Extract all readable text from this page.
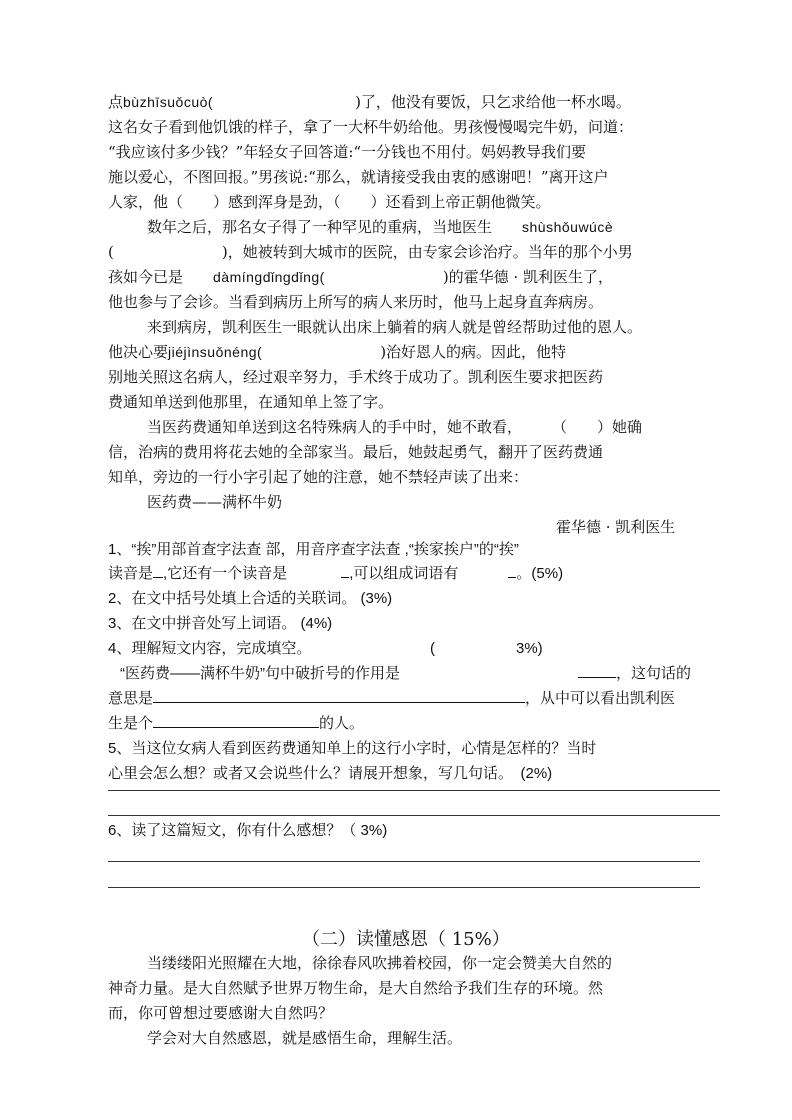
点bùzhīsuǒcuò(	)了，他没有要饭，只乞求给他一杯水喝。
这名女子看到他饥饿的样子，拿了一大杯牛奶给他。男孩慢慢喝完牛奶，问道：
“我应该付多少钱？”年轻女子回答道:“一分钱也不用付。妈妈教导我们要
施以爱心，不图回报。”男孩说:“那么，就请接受我由衷的感谢吧！”离开这户
人家，他（　　）感到浑身是劲，（　　）还看到上帝正朝他微笑。
数年之后，那名女子得了一种罕见的重病，当地医生 shùshǒuwúcè
(	)，她被转到大城市的医院，由专家会诊治疗。当年的那个小男
孩如今已是 dàmíngdǐngdǐng(	)的霍华德 · 凯利医生了，
他也参与了会诊。当看到病历上所写的病人来历时，他马上起身直奔病房。
来到病房，凯利医生一眼就认出床上躺着的病人就是曾经帮助过他的恩人。
他决心要jiéjìnsuǒnéng(	)治好恩人的病。因此，他特
别地关照这名病人，经过艰辛努力，手术终于成功了。凯利医生要求把医药
费通知单送到他那里，在通知单上签了字。
当医药费通知单送到这名特殊病人的手中时，她不敢看，　　　（　　）她确
信，治病的费用将花去她的全部家当。最后，她鼓起勇气，翻开了医药费通
知单，旁边的一行小字引起了她的注意，她不禁轻声读了出来：
医药费——满杯牛奶
霍华德 · 凯利医生
1、“挨”用部首查字法查 部，用音序查字法查 ,“挨家挨户”的“挨”
读音是 ,它还有一个读音是	,可以组成词语有	。(5%)
2、在文中括号处填上合适的关联词。 (3%)
3、在文中拼音处写上词语。 (4%)
4、理解短文内容，完成填空。	(	3%)
“医药费——满杯牛奶”句中破折号的作用是	，这句话的
意思是	，从中可以看出凯利医
生是个	的人。
5、当这位女病人看到医药费通知单上的这行小字时，心情是怎样的？当时
心里会怎么想？或者又会说些什么？请展开想象，写几句话。　(2%)
6、读了这篇短文，你有什么感想？（ 3%)
（二）读懂感恩（ 15%）
当缕缕阳光照耀在大地，徐徐春风吹拂着校园，你一定会赞美大自然的
神奇力量。是大自然赋予世界万物生命，是大自然给予我们生存的环境。然
而，你可曾想过要感谢大自然吗？
学会对大自然感恩，就是感悟生命，理解生活。
